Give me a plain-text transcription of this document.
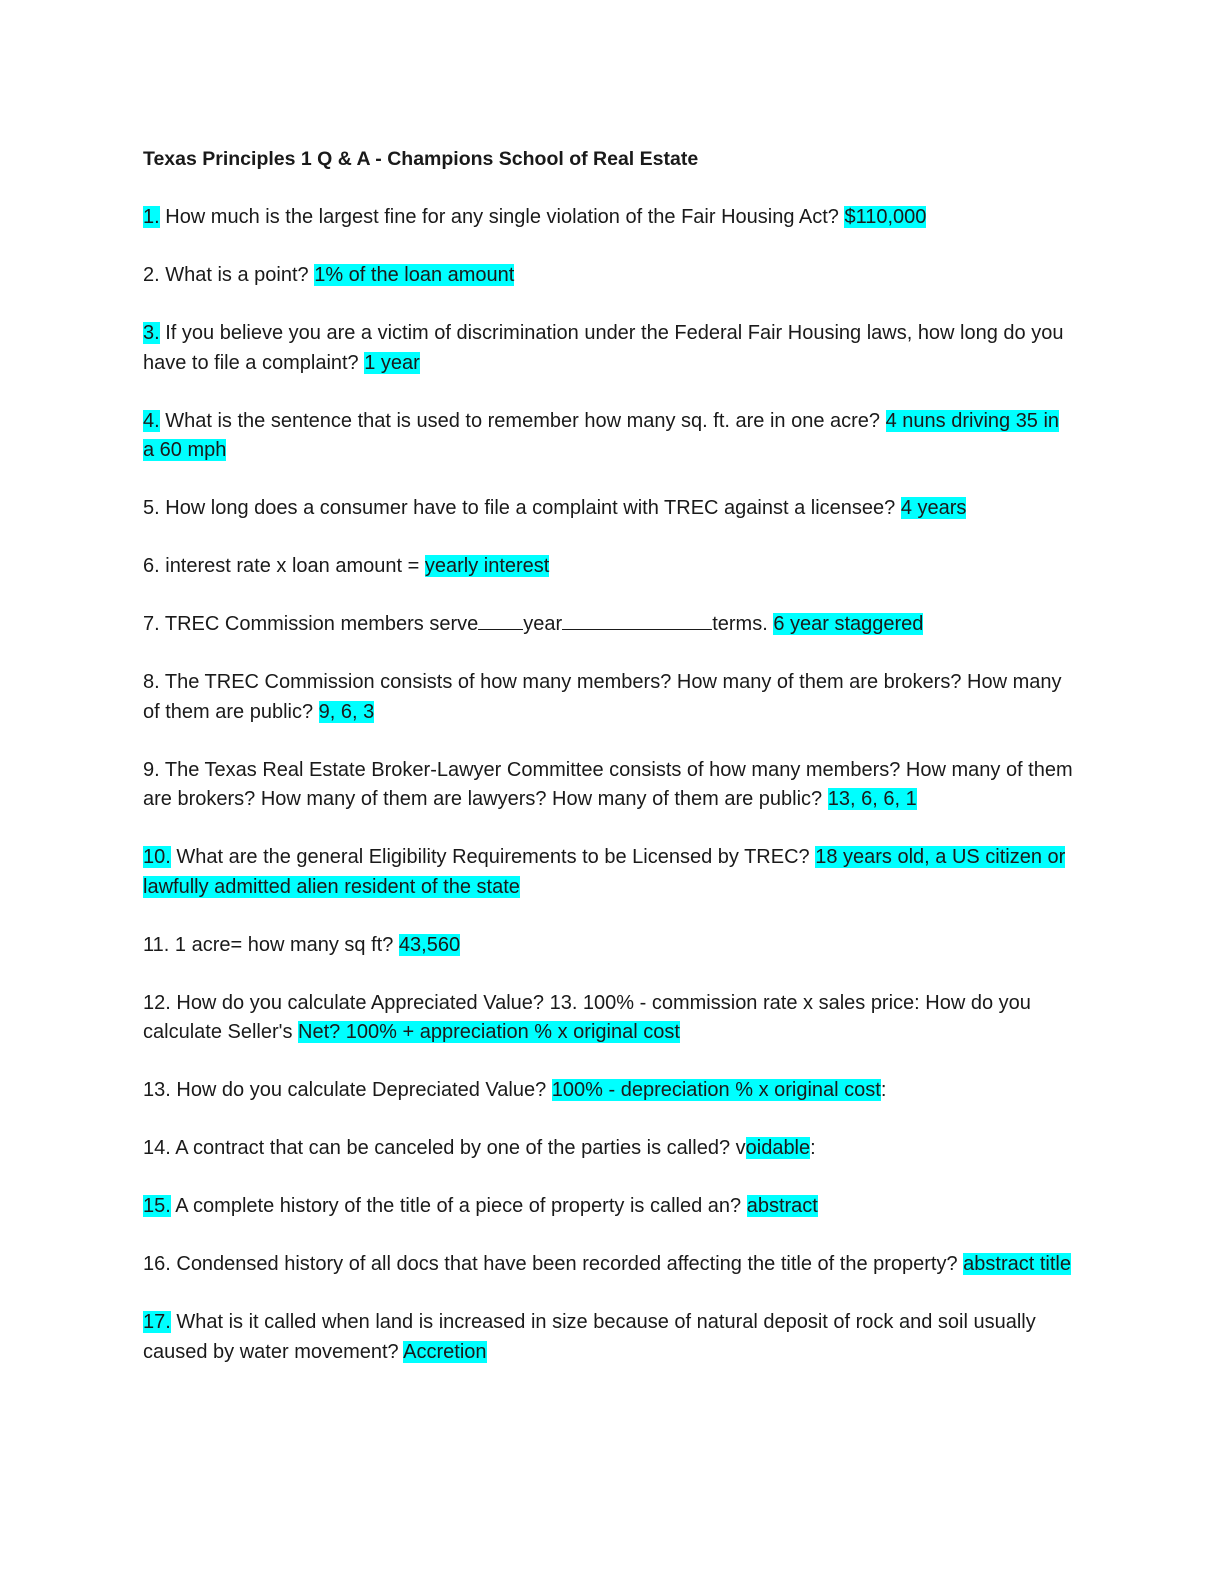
Texas Principles 1 Q & A - Champions School of Real Estate

1. How much is the largest fine for any single violation of the Fair Housing Act? $110,000

2. What is a point? 1% of the loan amount

3. If you believe you are a victim of discrimination under the Federal Fair Housing laws, how long do you have to file a complaint? 1 year

4. What is the sentence that is used to remember how many sq. ft. are in one acre? 4 nuns driving 35 in a 60 mph

5. How long does a consumer have to file a complaint with TREC against a licensee? 4 years

6. interest rate x loan amount = yearly interest

7. TREC Commission members serve year	terms. 6 year staggered

8. The TREC Commission consists of how many members? How many of them are brokers? How many of them are public? 9, 6, 3

9. The Texas Real Estate Broker-Lawyer Committee consists of how many members? How many of them are brokers? How many of them are lawyers? How many of them are public? 13, 6, 6, 1

10. What are the general Eligibility Requirements to be Licensed by TREC? 18 years old, a US citizen or lawfully admitted alien resident of the state

11. 1 acre= how many sq ft? 43,560

12. How do you calculate Appreciated Value? 13. 100% - commission rate x sales price: How do you calculate Seller's Net? 100% + appreciation % x original cost

13. How do you calculate Depreciated Value? 100% - depreciation % x original cost:

14. A contract that can be canceled by one of the parties is called? voidable:

15. A complete history of the title of a piece of property is called an? abstract

16. Condensed history of all docs that have been recorded affecting the title of the property? abstract title

17. What is it called when land is increased in size because of natural deposit of rock and soil usually caused by water movement? Accretion
